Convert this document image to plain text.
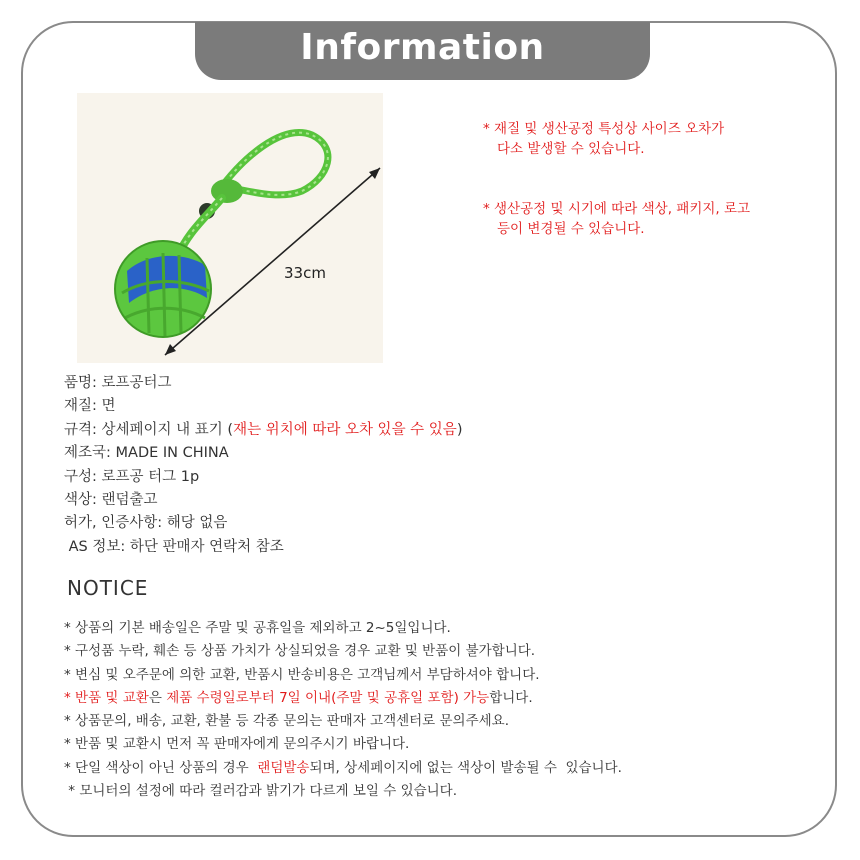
Information
33cm
* 재질 및 생산공정 특성상 사이즈 오차가
다소 발생할 수 있습니다.
* 생산공정 및 시기에 따라 색상, 패키지, 로고
등이 변경될 수 있습니다.
품명: 로프공터그
재질: 면
규격: 상세페이지 내 표기 (재는 위치에 따라 오차 있을 수 있음)
제조국: MADE IN CHINA
구성: 로프공 터그 1p
색상: 랜덤출고
허가, 인증사항: 해당 없음
AS 정보: 하단 판매자 연락처 참조
NOTICE
* 상품의 기본 배송일은 주말 및 공휴일을 제외하고 2~5일입니다.
* 구성품 누락, 훼손 등 상품 가치가 상실되었을 경우 교환 및 반품이 불가합니다.
* 변심 및 오주문에 의한 교환, 반품시 반송비용은 고객님께서 부담하셔야 합니다.
* 반품 및 교환은 제품 수령일로부터 7일 이내(주말 및 공휴일 포함) 가능합니다.
* 상품문의, 배송, 교환, 환불 등 각종 문의는 판매자 고객센터로 문의주세요.
* 반품 및 교환시 먼저 꼭 판매자에게 문의주시기 바랍니다.
* 단일 색상이 아닌 상품의 경우  랜덤발송되며, 상세페이지에 없는 색상이 발송될 수  있습니다.
* 모니터의 설정에 따라 컬러감과 밝기가 다르게 보일 수 있습니다.
